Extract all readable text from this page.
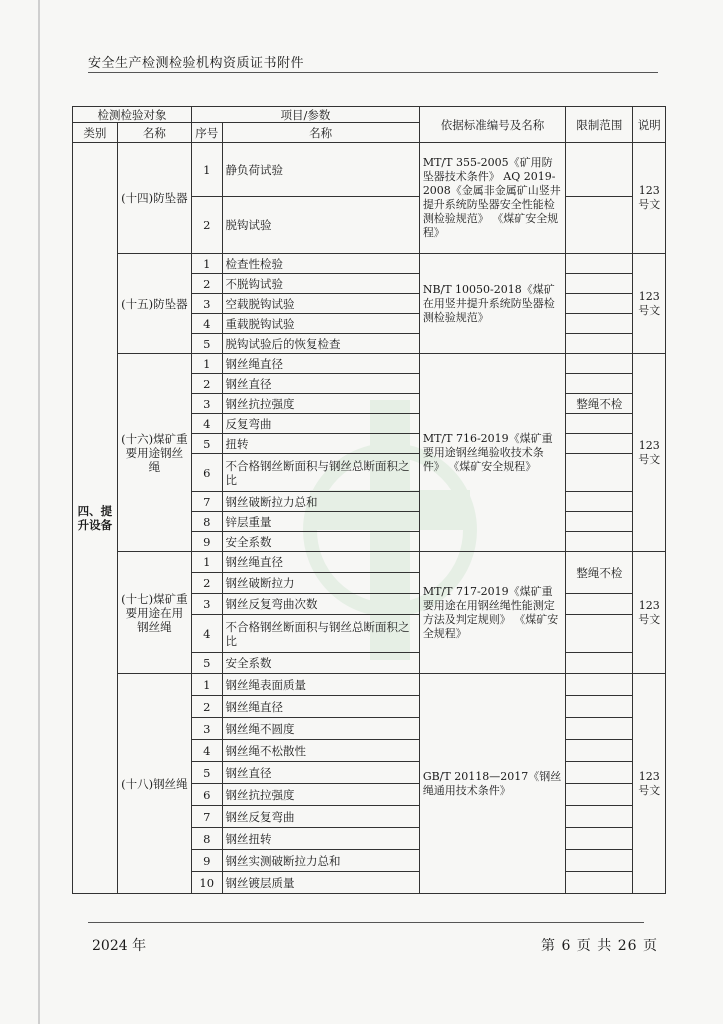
安全生产检测检验机构资质证书附件
检测检验对象		项目/参数		依据标准编号及名称	限制范围	说明
类别	名称	序号	名称			
四、提升设备	(十四)防坠器	1	静负荷试验	MT/T 355-2005《矿用防坠器技术条件》 AQ 2019-2008《金属非金属矿山竖井提升系统防坠器安全性能检测检验规范》 《煤矿安全规程》		123号文
		2	脱钩试验			
	(十五)防坠器	1	检查性检验	NB/T 10050-2018《煤矿在用竖井提升系统防坠器检测检验规范》		123号文
		2	不脱钩试验			
		3	空载脱钩试验			
		4	重载脱钩试验			
		5	脱钩试验后的恢复检查			
	(十六)煤矿重要用途钢丝绳	1	钢丝绳直径	MT/T 716-2019《煤矿重要用途钢丝绳验收技术条件》 《煤矿安全规程》		123号文
		2	钢丝直径			
		3	钢丝抗拉强度		整绳不检	
		4	反复弯曲			
		5	扭转			
		6	不合格钢丝断面积与钢丝总断面积之比			
		7	钢丝破断拉力总和			
		8	锌层重量			
		9	安全系数			
	(十七)煤矿重要用途在用钢丝绳	1	钢丝绳直径	MT/T 717-2019《煤矿重要用途在用钢丝绳性能测定方法及判定规则》 《煤矿安全规程》	整绳不检	123号文
		2	钢丝破断拉力			
		3	钢丝反复弯曲次数			
		4	不合格钢丝断面积与钢丝总断面积之比			
		5	安全系数			
	(十八)钢丝绳	1	钢丝绳表面质量	GB/T 20118—2017《钢丝绳通用技术条件》		123号文
		2	钢丝绳直径			
		3	钢丝绳不圆度			
		4	钢丝绳不松散性			
		5	钢丝直径			
		6	钢丝抗拉强度			
		7	钢丝反复弯曲			
		8	钢丝扭转			
		9	钢丝实测破断拉力总和			
		10	钢丝镀层质量			
2024 年	第 6 页 共 26 页
